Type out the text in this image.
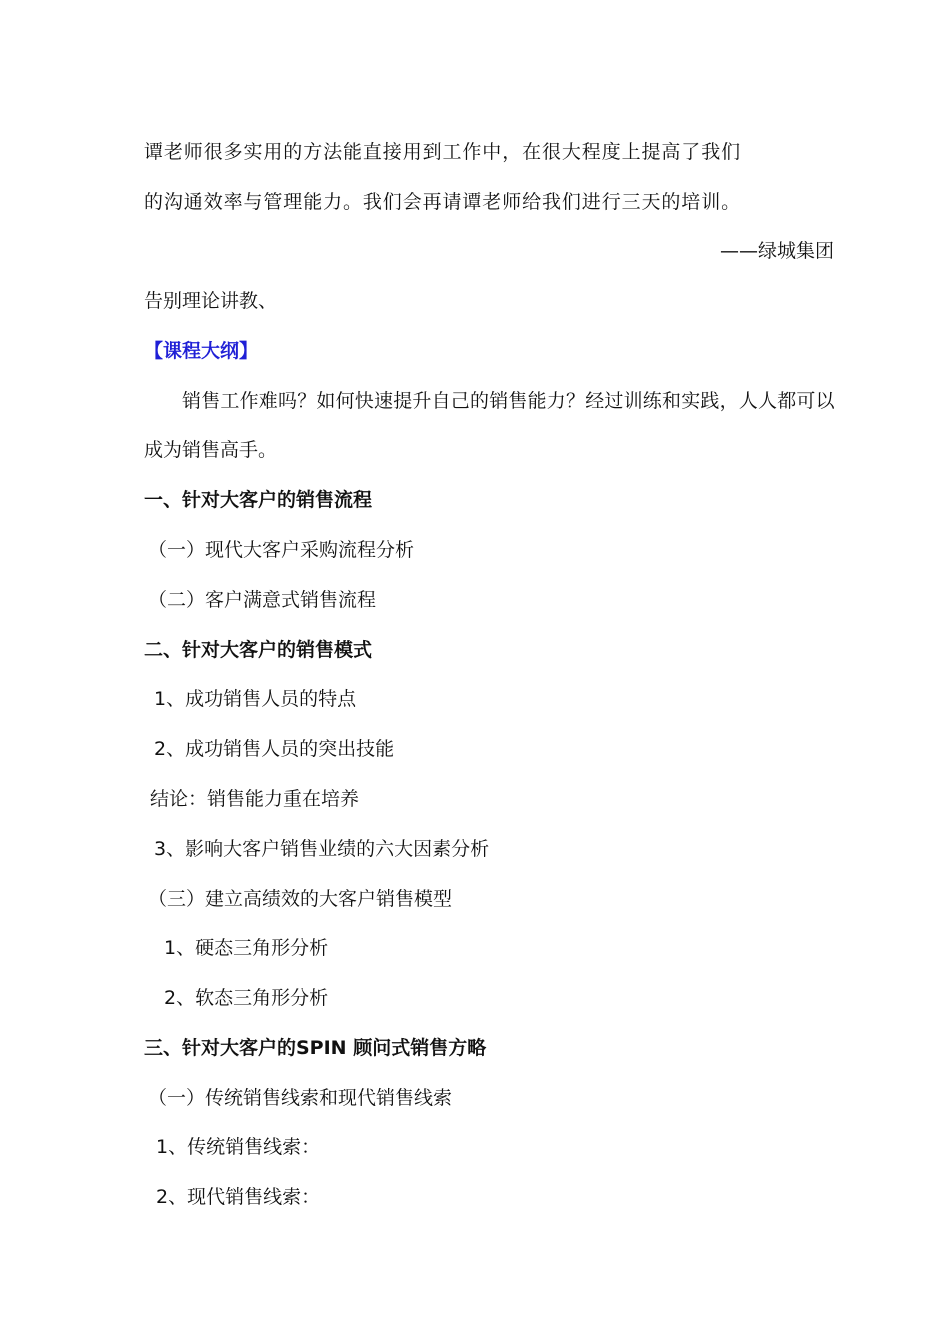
谭老师很多实用的方法能直接用到工作中，在很大程度上提高了我们
的沟通效率与管理能力。我们会再请谭老师给我们进行三天的培训。
——绿城集团
告别理论讲教、
【课程大纲】
销售工作难吗？如何快速提升自己的销售能力？经过训练和实践，人人都可以
成为销售高手。
一、针对大客户的销售流程
（一）现代大客户采购流程分析
（二）客户满意式销售流程
二、针对大客户的销售模式
1、成功销售人员的特点
2、成功销售人员的突出技能
结论：销售能力重在培养
3、影响大客户销售业绩的六大因素分析
（三）建立高绩效的大客户销售模型
1、硬态三角形分析
2、软态三角形分析
三、针对大客户的SPIN 顾问式销售方略
（一）传统销售线索和现代销售线索
1、传统销售线索：
2、现代销售线索：
